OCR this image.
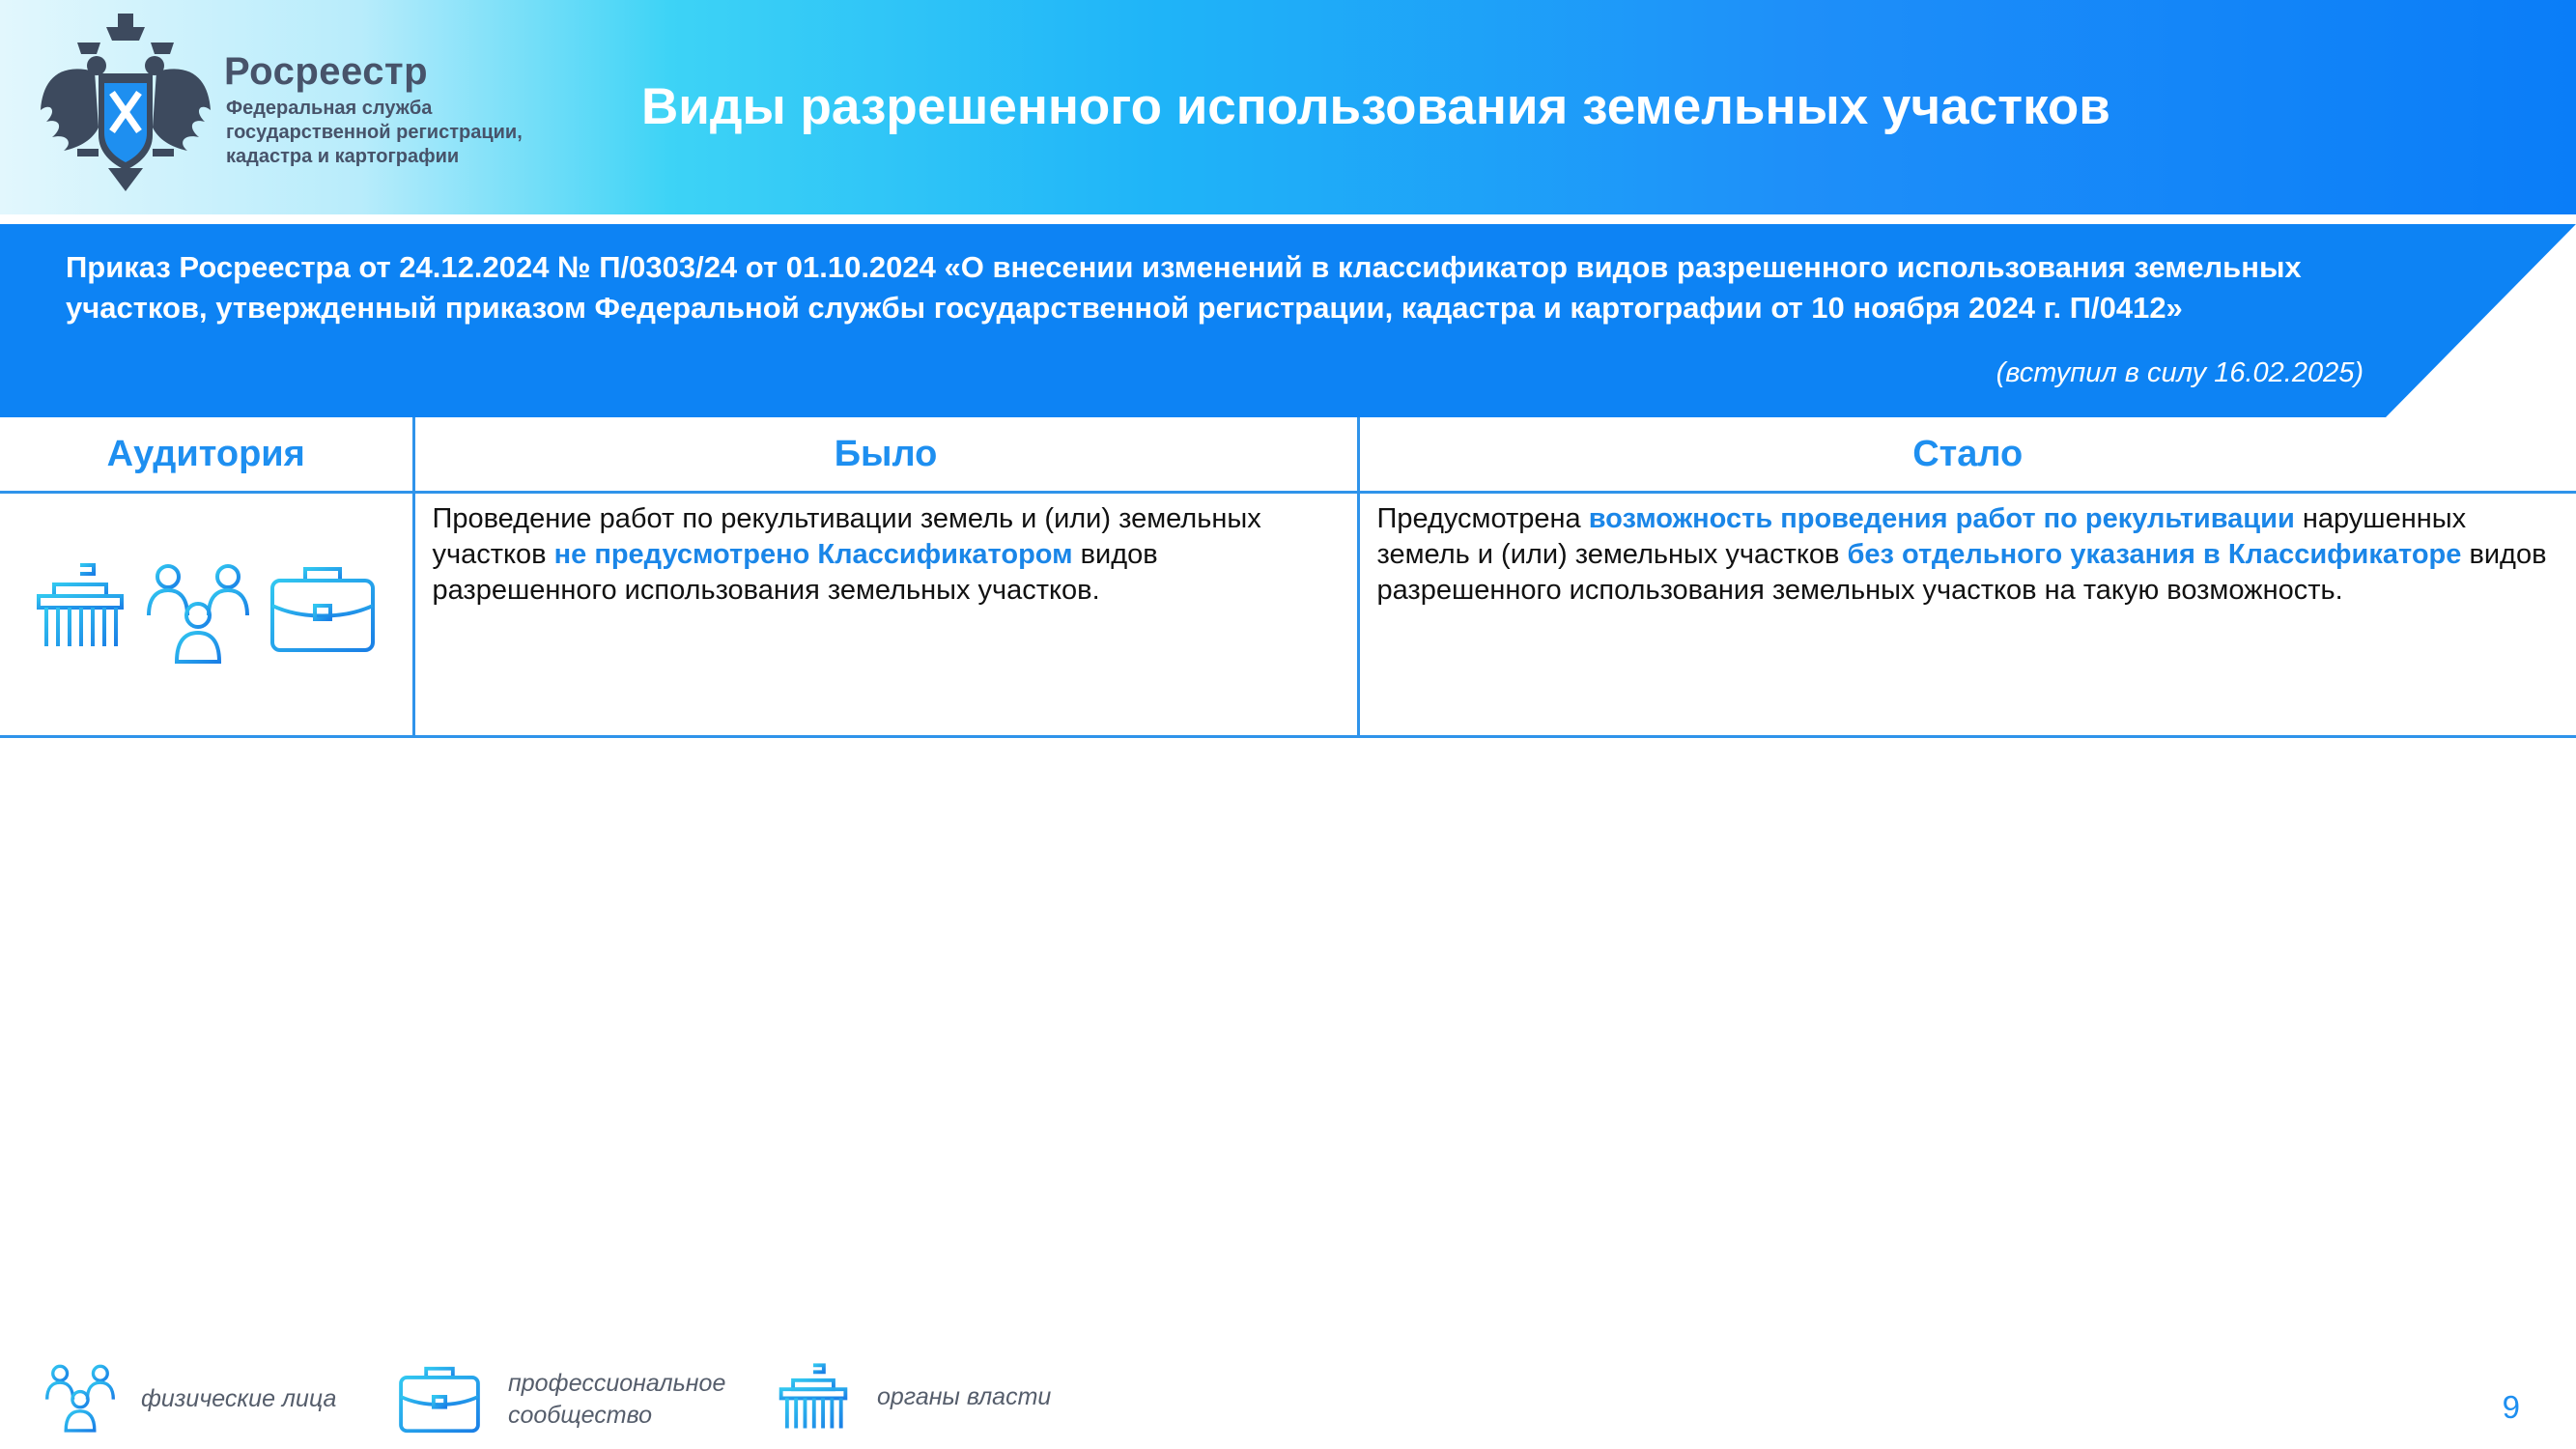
Росреестр
Федеральная служба
государственной регистрации,
кадастра и картографии
Виды разрешенного использования земельных участков
Приказ Росреестра от 24.12.2024 № П/0303/24 от 01.10.2024 «О внесении изменений в классификатор видов разрешенного использования земельных
участков, утвержденный приказом Федеральной службы государственной регистрации, кадастра и картографии от 10 ноября 2024 г. П/0412»
(вступил в силу 16.02.2025)
Аудитория	Было	Стало

	Проведение работ по рекультивации земель и (или) земельных участков не предусмотрено Классификатором видов разрешенного использования земельных участков.	Предусмотрена возможность проведения работ по рекультивации нарушенных земель и (или) земельных участков без отдельного указания в Классификаторе видов разрешенного использования земельных участков на такую возможность.
физические лица
профессиональное
сообщество
органы власти	9
